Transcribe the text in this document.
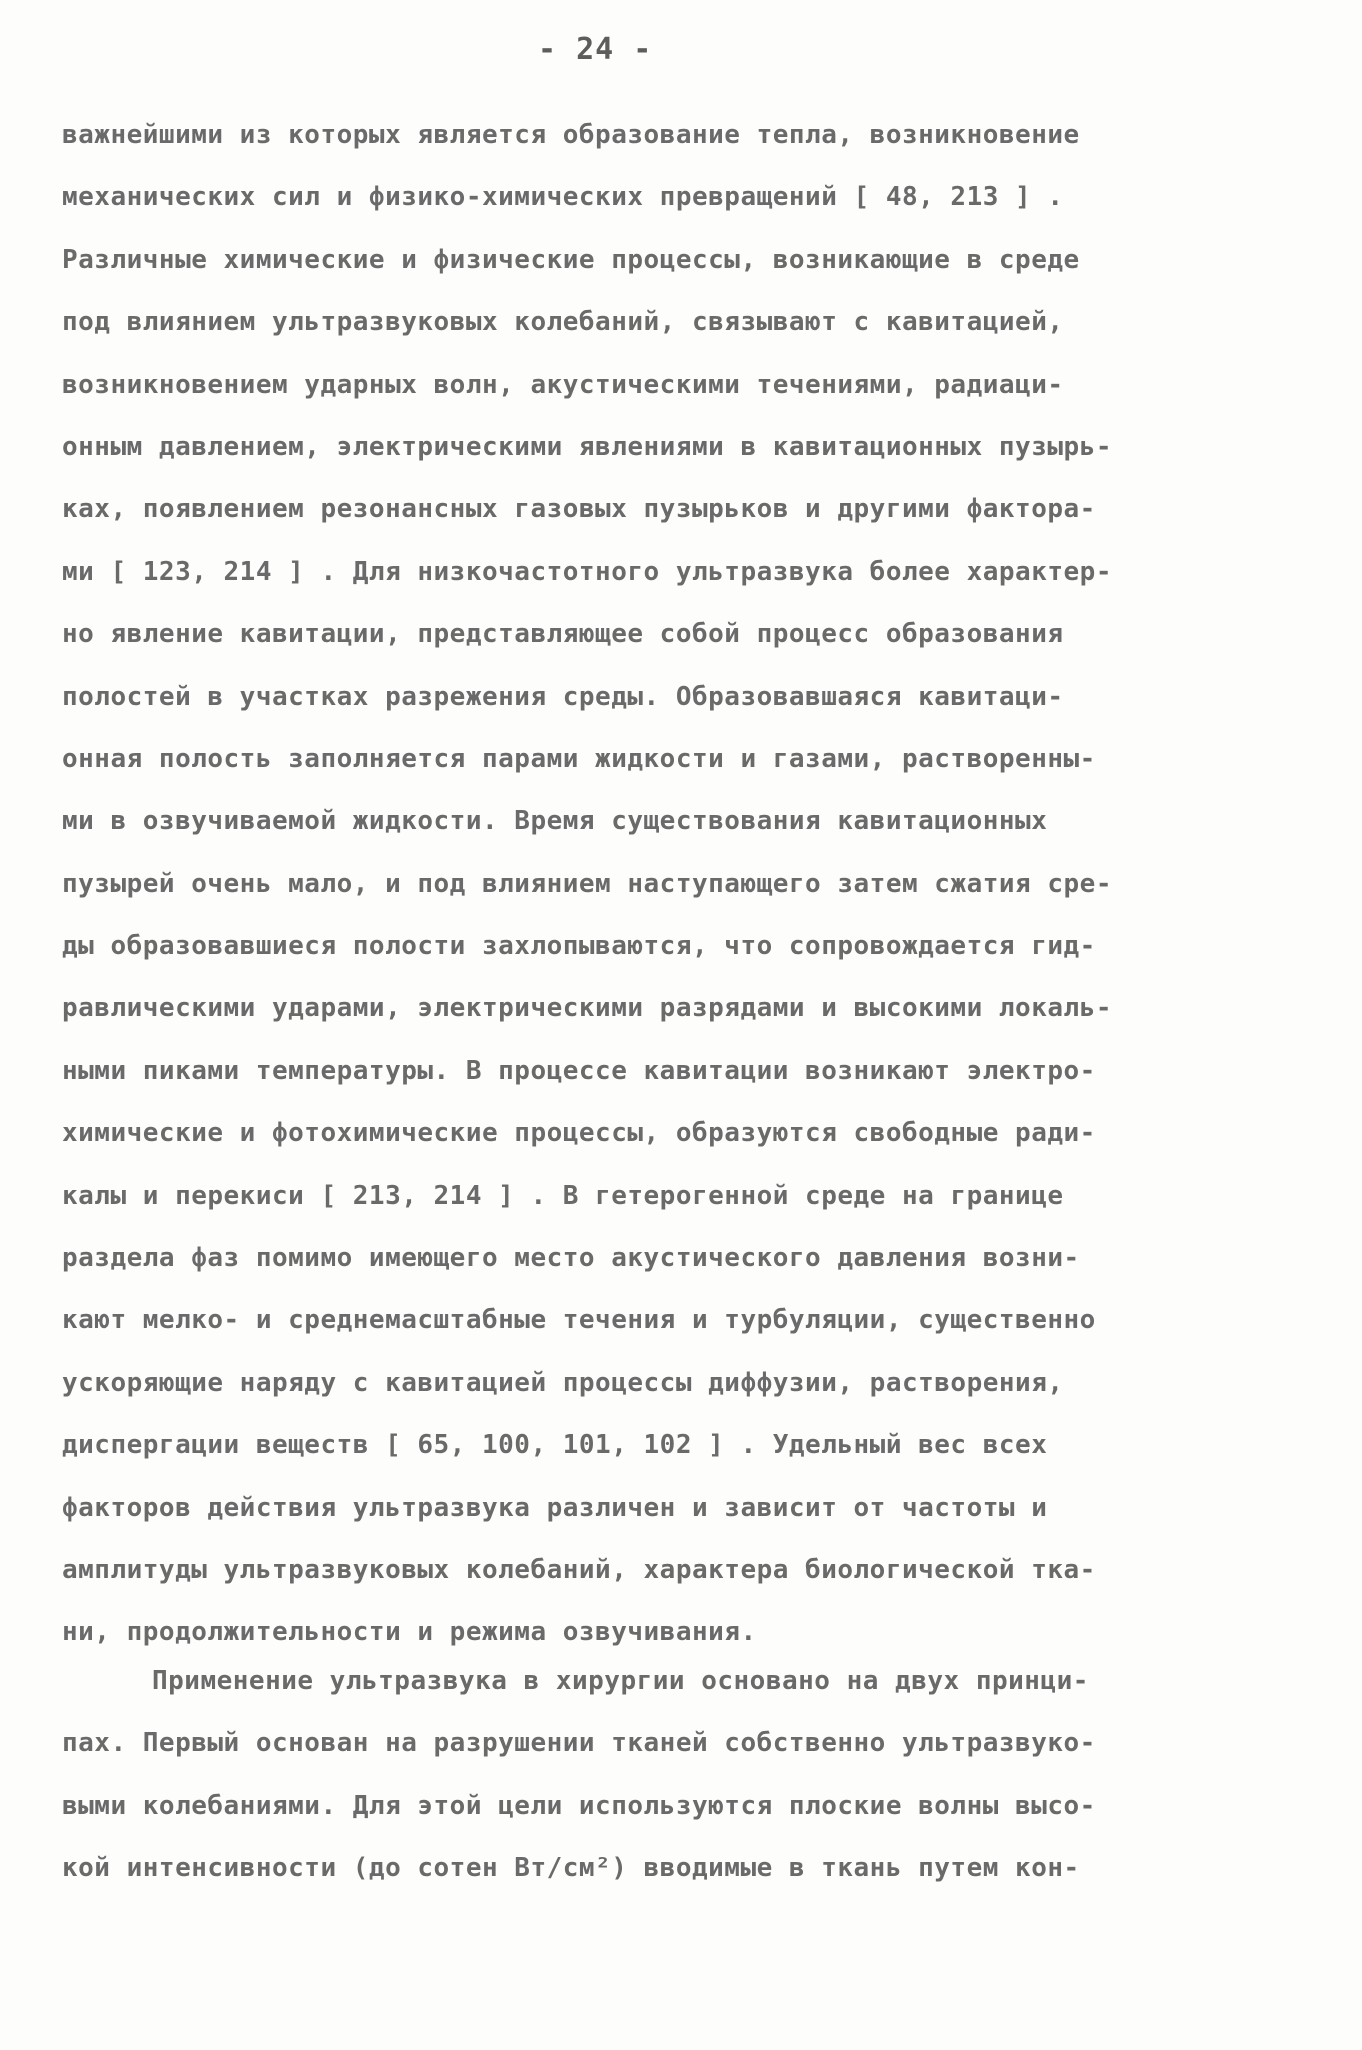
- 24 -
важнейшими из которых является образование тепла, возникновение
механических сил и физико-химических превращений [ 48, 213 ] .
Различные химические и физические процессы, возникающие в среде
под влиянием ультразвуковых колебаний, связывают с кавитацией,
возникновением ударных волн, акустическими течениями, радиаци-
онным давлением, электрическими явлениями в кавитационных пузырь-
ках, появлением резонансных газовых пузырьков и другими фактора-
ми [ 123, 214 ] . Для низкочастотного ультразвука более характер-
но явление кавитации, представляющее собой процесс образования
полостей в участках разрежения среды. Образовавшаяся кавитаци-
онная полость заполняется парами жидкости и газами, растворенны-
ми в озвучиваемой жидкости. Время существования кавитационных
пузырей очень мало, и под влиянием наступающего затем сжатия сре-
ды образовавшиеся полости захлопываются, что сопровождается гид-
равлическими ударами, электрическими разрядами и высокими локаль-
ными пиками температуры. В процессе кавитации возникают электро-
химические и фотохимические процессы, образуются свободные ради-
калы и перекиси [ 213, 214 ] . В гетерогенной среде на границе
раздела фаз помимо имеющего место акустического давления возни-
кают мелко- и среднемасштабные течения и турбуляции, существенно
ускоряющие наряду с кавитацией процессы диффузии, растворения,
диспергации веществ [ 65, 100, 101, 102 ] . Удельный вес всех
факторов действия ультразвука различен и зависит от частоты и
амплитуды ультразвуковых колебаний, характера биологической тка-
ни, продолжительности и режима озвучивания.
Применение ультразвука в хирургии основано на двух принци-
пах. Первый основан на разрушении тканей собственно ультразвуко-
выми колебаниями. Для этой цели используются плоские волны высо-
кой интенсивности (до сотен Вт/см²) вводимые в ткань путем кон-
